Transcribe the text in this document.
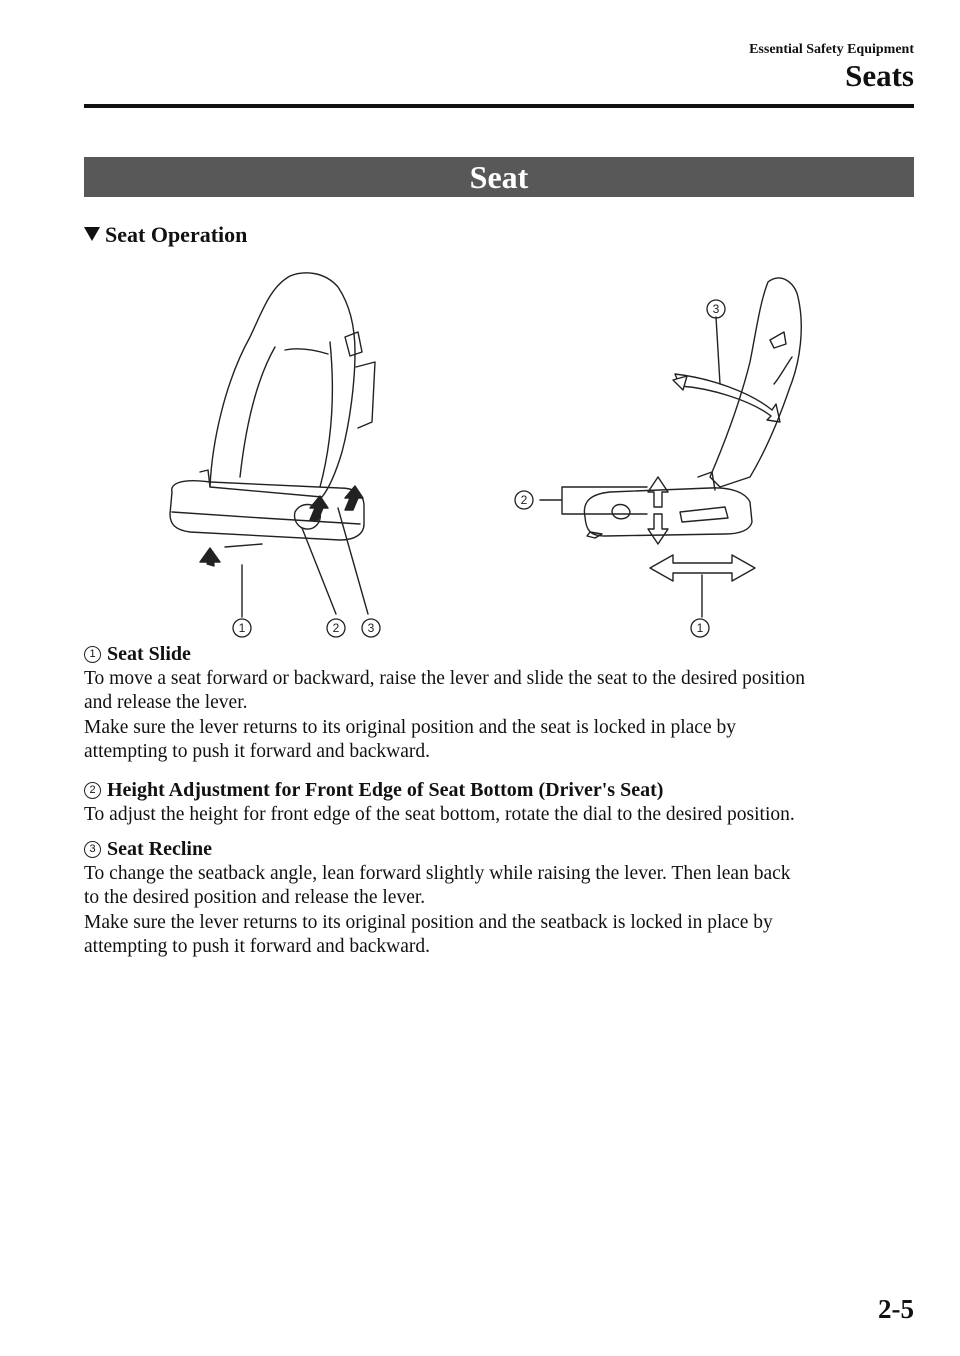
Essential Safety Equipment
Seats
Seat
Seat Operation
1	2 3	1
2
3
1 Seat Slide
To move a seat forward or backward, raise the lever and slide the seat to the desired position
and release the lever.
Make sure the lever returns to its original position and the seat is locked in place by
attempting to push it forward and backward.
2 Height Adjustment for Front Edge of Seat Bottom (Driver's Seat)
To adjust the height for front edge of the seat bottom, rotate the dial to the desired position.
3 Seat Recline
To change the seatback angle, lean forward slightly while raising the lever. Then lean back
to the desired position and release the lever.
Make sure the lever returns to its original position and the seatback is locked in place by
attempting to push it forward and backward.
2-5
